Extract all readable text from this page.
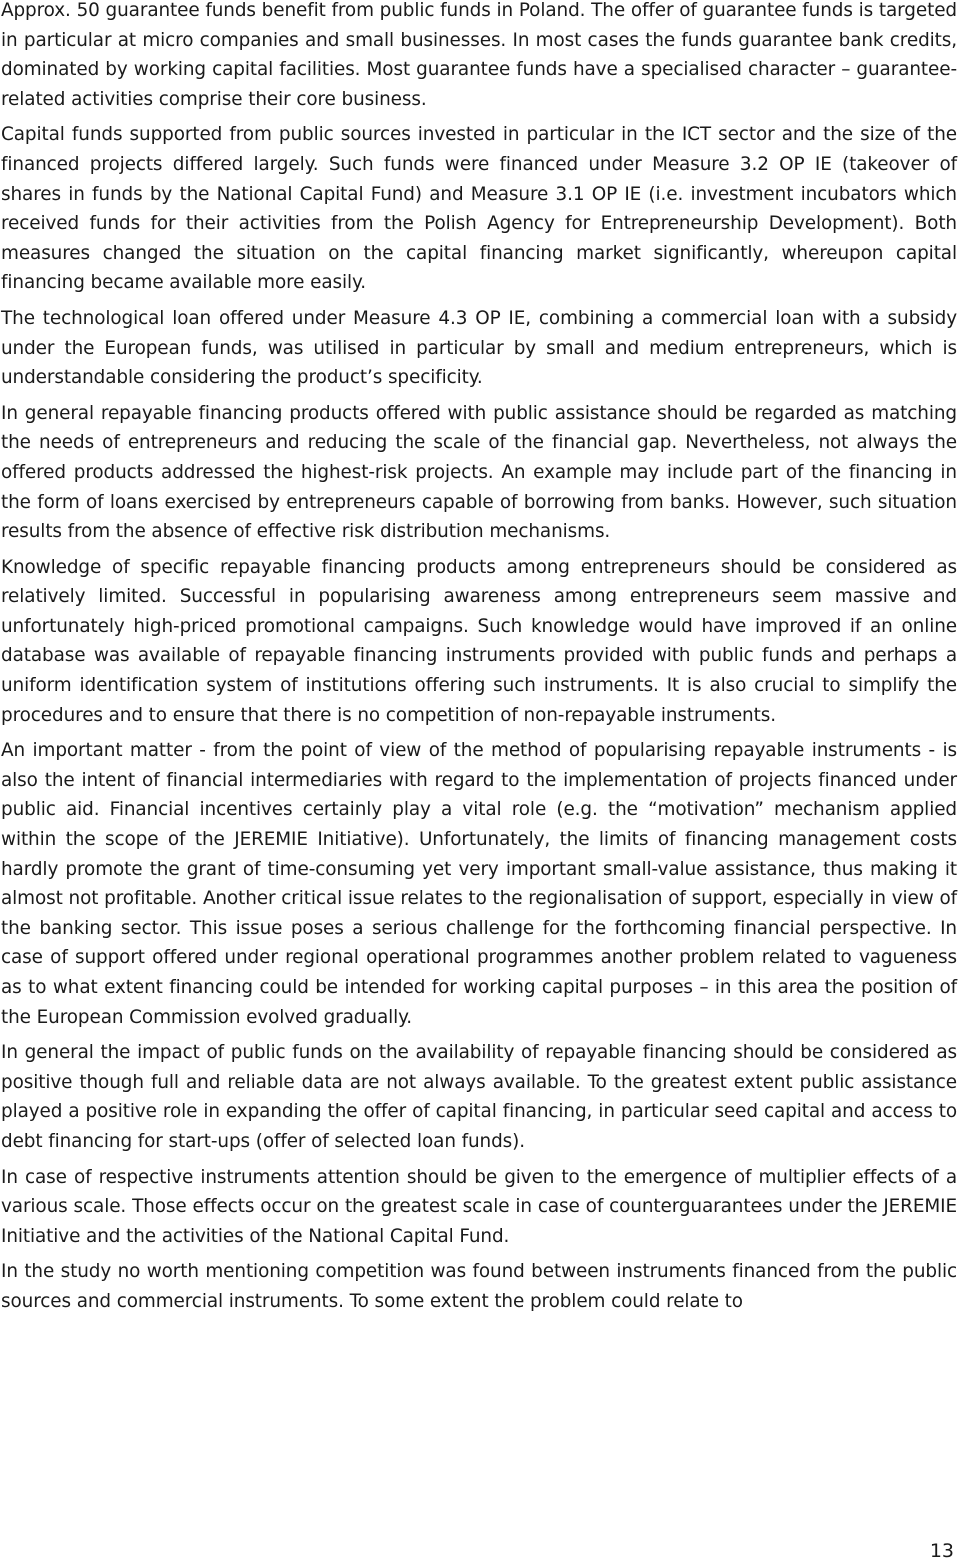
Approx. 50 guarantee funds benefit from public funds in Poland. The offer of guarantee funds is targeted in particular at micro companies and small businesses. In most cases the funds guarantee bank credits, dominated by working capital facilities. Most guarantee funds have a specialised character – guarantee-related activities comprise their core business.

Capital funds supported from public sources invested in particular in the ICT sector and the size of the financed projects differed largely. Such funds were financed under Measure 3.2 OP IE (takeover of shares in funds by the National Capital Fund) and Measure 3.1 OP IE (i.e. investment incubators which received funds for their activities from the Polish Agency for Entrepreneurship Development). Both measures changed the situation on the capital financing market significantly, whereupon capital financing became available more easily.

The technological loan offered under Measure 4.3 OP IE, combining a commercial loan with a subsidy under the European funds, was utilised in particular by small and medium entrepreneurs, which is understandable considering the product’s specificity.

In general repayable financing products offered with public assistance should be regarded as matching the needs of entrepreneurs and reducing the scale of the financial gap. Nevertheless, not always the offered products addressed the highest-risk projects. An example may include part of the financing in the form of loans exercised by entrepreneurs capable of borrowing from banks. However, such situation results from the absence of effective risk distribution mechanisms.

Knowledge of specific repayable financing products among entrepreneurs should be considered as relatively limited. Successful in popularising awareness among entrepreneurs seem massive and unfortunately high-priced promotional campaigns. Such knowledge would have improved if an online database was available of repayable financing instruments provided with public funds and perhaps a uniform identification system of institutions offering such instruments. It is also crucial to simplify the procedures and to ensure that there is no competition of non-repayable instruments.

An important matter - from the point of view of the method of popularising repayable instruments - is also the intent of financial intermediaries with regard to the implementation of projects financed under public aid. Financial incentives certainly play a vital role (e.g. the “motivation” mechanism applied within the scope of the JEREMIE Initiative). Unfortunately, the limits of financing management costs hardly promote the grant of time-consuming yet very important small-value assistance, thus making it almost not profitable. Another critical issue relates to the regionalisation of support, especially in view of the banking sector. This issue poses a serious challenge for the forthcoming financial perspective. In case of support offered under regional operational programmes another problem related to vagueness as to what extent financing could be intended for working capital purposes – in this area the position of the European Commission evolved gradually.

In general the impact of public funds on the availability of repayable financing should be considered as positive though full and reliable data are not always available. To the greatest extent public assistance played a positive role in expanding the offer of capital financing, in particular seed capital and access to debt financing for start-ups (offer of selected loan funds).

In case of respective instruments attention should be given to the emergence of multiplier effects of a various scale. Those effects occur on the greatest scale in case of counterguarantees under the JEREMIE Initiative and the activities of the National Capital Fund.

In the study no worth mentioning competition was found between instruments financed from the public sources and commercial instruments. To some extent the problem could relate to

13
